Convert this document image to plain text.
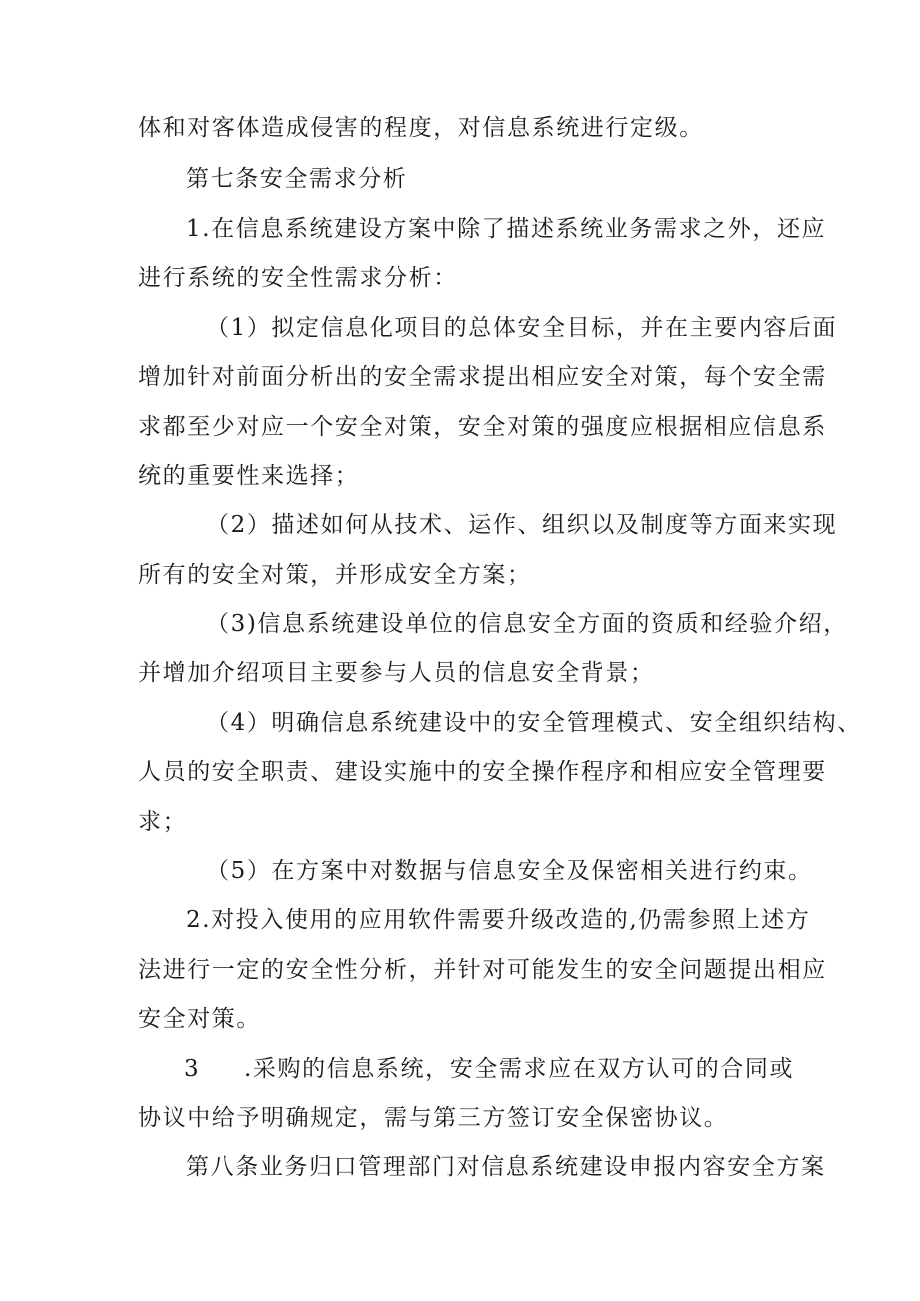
体和对客体造成侵害的程度，对信息系统进行定级。
第七条安全需求分析
1.在信息系统建设方案中除了描述系统业务需求之外，还应
进行系统的安全性需求分析：
（1）拟定信息化项目的总体安全目标，并在主要内容后面
增加针对前面分析出的安全需求提出相应安全对策，每个安全需
求都至少对应一个安全对策，安全对策的强度应根据相应信息系
统的重要性来选择；
（2）描述如何从技术、运作、组织以及制度等方面来实现
所有的安全对策，并形成安全方案；
（3)信息系统建设单位的信息安全方面的资质和经验介绍，
并增加介绍项目主要参与人员的信息安全背景；
（4）明确信息系统建设中的安全管理模式、安全组织结构、
人员的安全职责、建设实施中的安全操作程序和相应安全管理要
求；
（5）在方案中对数据与信息安全及保密相关进行约束。
2.对投入使用的应用软件需要升级改造的,仍需参照上述方
法进行一定的安全性分析，并针对可能发生的安全问题提出相应
安全对策。
3	.采购的信息系统，安全需求应在双方认可的合同或
协议中给予明确规定，需与第三方签订安全保密协议。
第八条业务归口管理部门对信息系统建设申报内容安全方案
